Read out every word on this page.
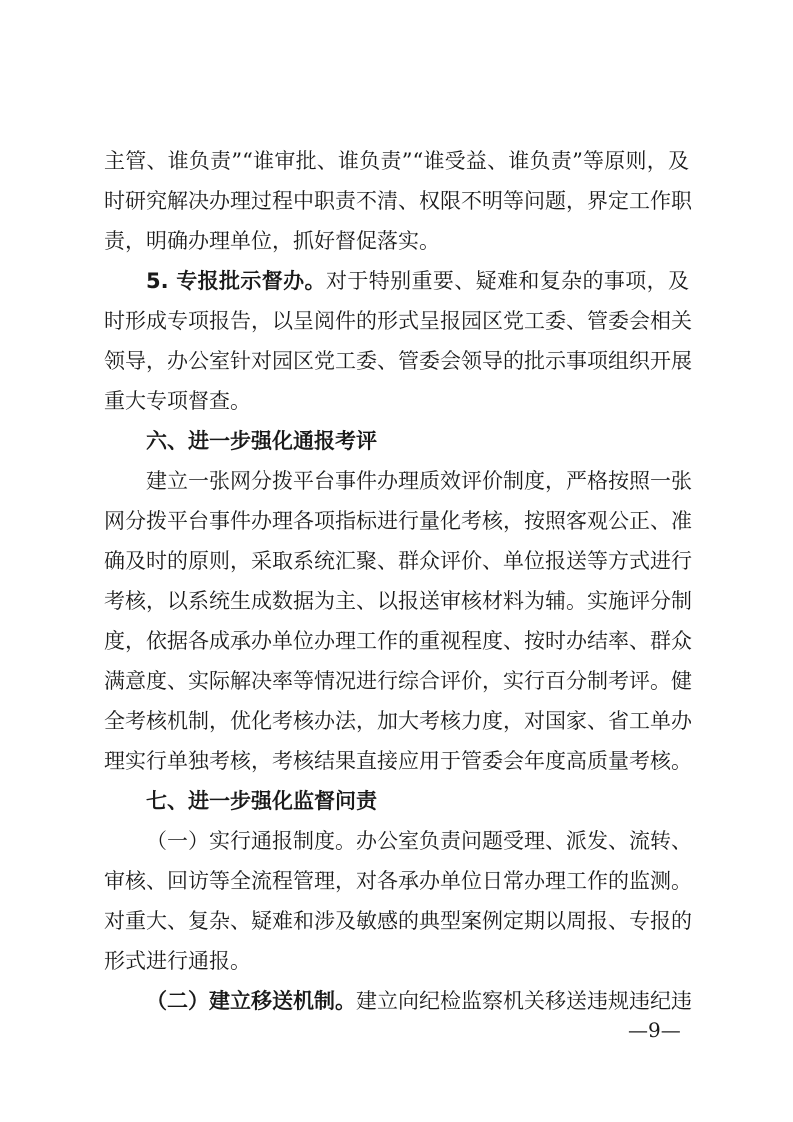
主管、谁负责”“谁审批、谁负责”“谁受益、谁负责”等原则，及
时研究解决办理过程中职责不清、权限不明等问题，界定工作职
责，明确办理单位，抓好督促落实。
5. 专报批示督办。对于特别重要、疑难和复杂的事项，及
时形成专项报告，以呈阅件的形式呈报园区党工委、管委会相关
领导，办公室针对园区党工委、管委会领导的批示事项组织开展
重大专项督查。
六、进一步强化通报考评
建立一张网分拨平台事件办理质效评价制度，严格按照一张
网分拨平台事件办理各项指标进行量化考核，按照客观公正、准
确及时的原则，采取系统汇聚、群众评价、单位报送等方式进行
考核，以系统生成数据为主、以报送审核材料为辅。实施评分制
度，依据各成承办单位办理工作的重视程度、按时办结率、群众
满意度、实际解决率等情况进行综合评价，实行百分制考评。健
全考核机制，优化考核办法，加大考核力度，对国家、省工单办
理实行单独考核，考核结果直接应用于管委会年度高质量考核。
七、进一步强化监督问责
（一）实行通报制度。办公室负责问题受理、派发、流转、
审核、回访等全流程管理，对各承办单位日常办理工作的监测。
对重大、复杂、疑难和涉及敏感的典型案例定期以周报、专报的
形式进行通报。
（二）建立移送机制。建立向纪检监察机关移送违规违纪违
—9—
